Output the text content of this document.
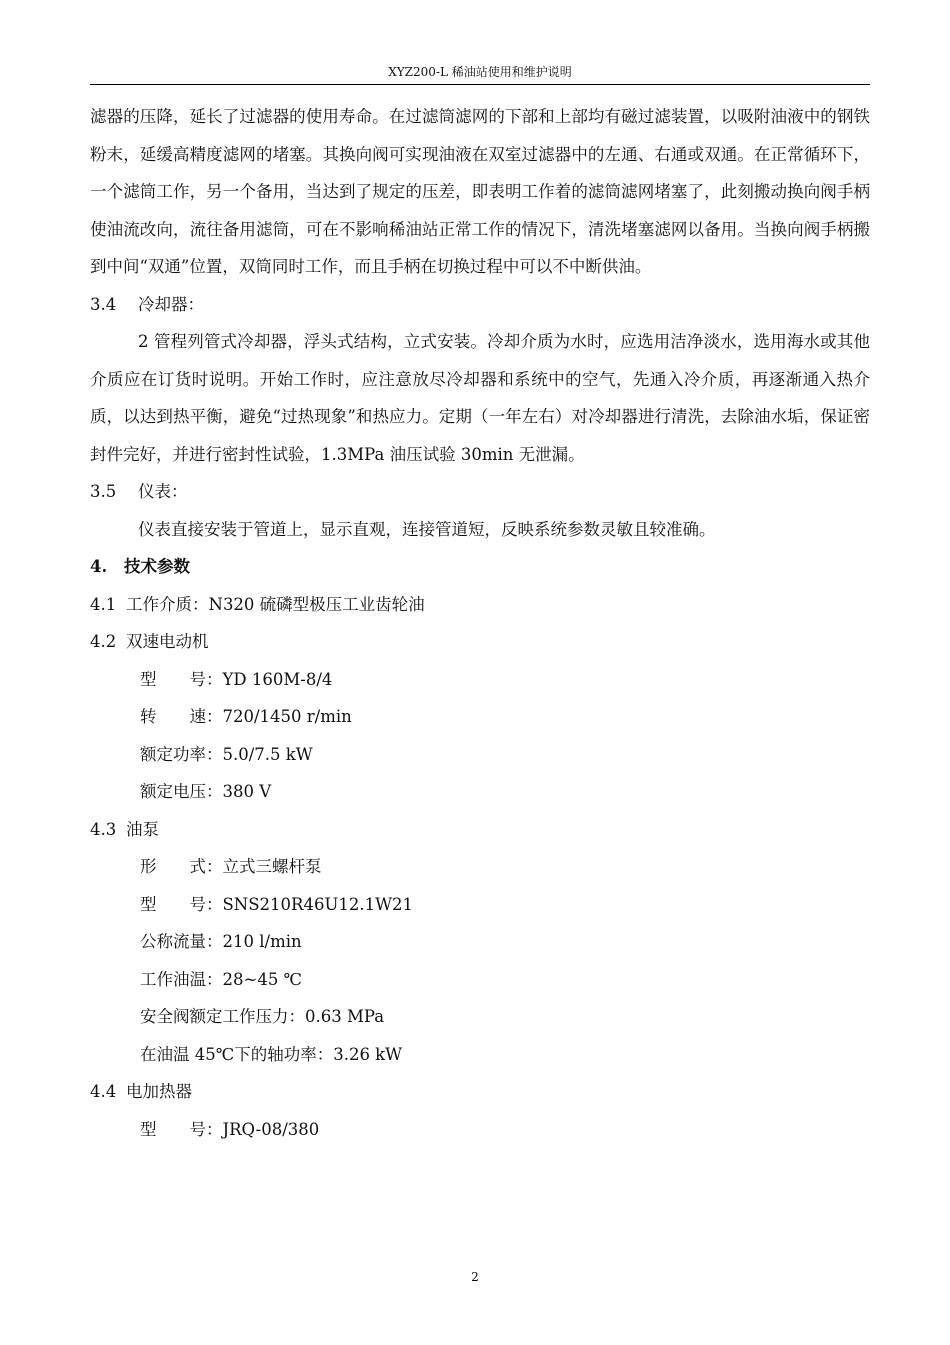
XYZ200-L 稀油站使用和维护说明

滤器的压降，延长了过滤器的使用寿命。在过滤筒滤网的下部和上部均有磁过滤装置，以吸附油液中的钢铁粉末，延缓高精度滤网的堵塞。其换向阀可实现油液在双室过滤器中的左通、右通或双通。在正常循环下，一个滤筒工作，另一个备用，当达到了规定的压差，即表明工作着的滤筒滤网堵塞了，此刻搬动换向阀手柄使油流改向，流往备用滤筒，可在不影响稀油站正常工作的情况下，清洗堵塞滤网以备用。当换向阀手柄搬到中间“双通”位置，双筒同时工作，而且手柄在切换过程中可以不中断供油。

3.4 冷却器：

2 管程列管式冷却器，浮头式结构，立式安装。冷却介质为水时，应选用洁净淡水，选用海水或其他介质应在订货时说明。开始工作时，应注意放尽冷却器和系统中的空气，先通入冷介质，再逐渐通入热介质，以达到热平衡，避免“过热现象”和热应力。定期（一年左右）对冷却器进行清洗，去除油水垢，保证密封件完好，并进行密封性试验，1.3MPa 油压试验 30min 无泄漏。

3.5 仪表：

仪表直接安装于管道上，显示直观，连接管道短，反映系统参数灵敏且较准确。

4. 技术参数
4.1 工作介质：N320 硫磷型极压工业齿轮油
4.2 双速电动机
型　　号：YD 160M-8/4
转　　速：720/1450 r/min
额定功率：5.0/7.5 kW
额定电压：380 V
4.3 油泵
形　　式：立式三螺杆泵
型　　号：SNS210R46U12.1W21
公称流量：210 l/min
工作油温：28~45 ℃
安全阀额定工作压力：0.63 MPa
在油温 45℃下的轴功率：3.26 kW
4.4 电加热器
型　　号：JRQ-08/380
2
